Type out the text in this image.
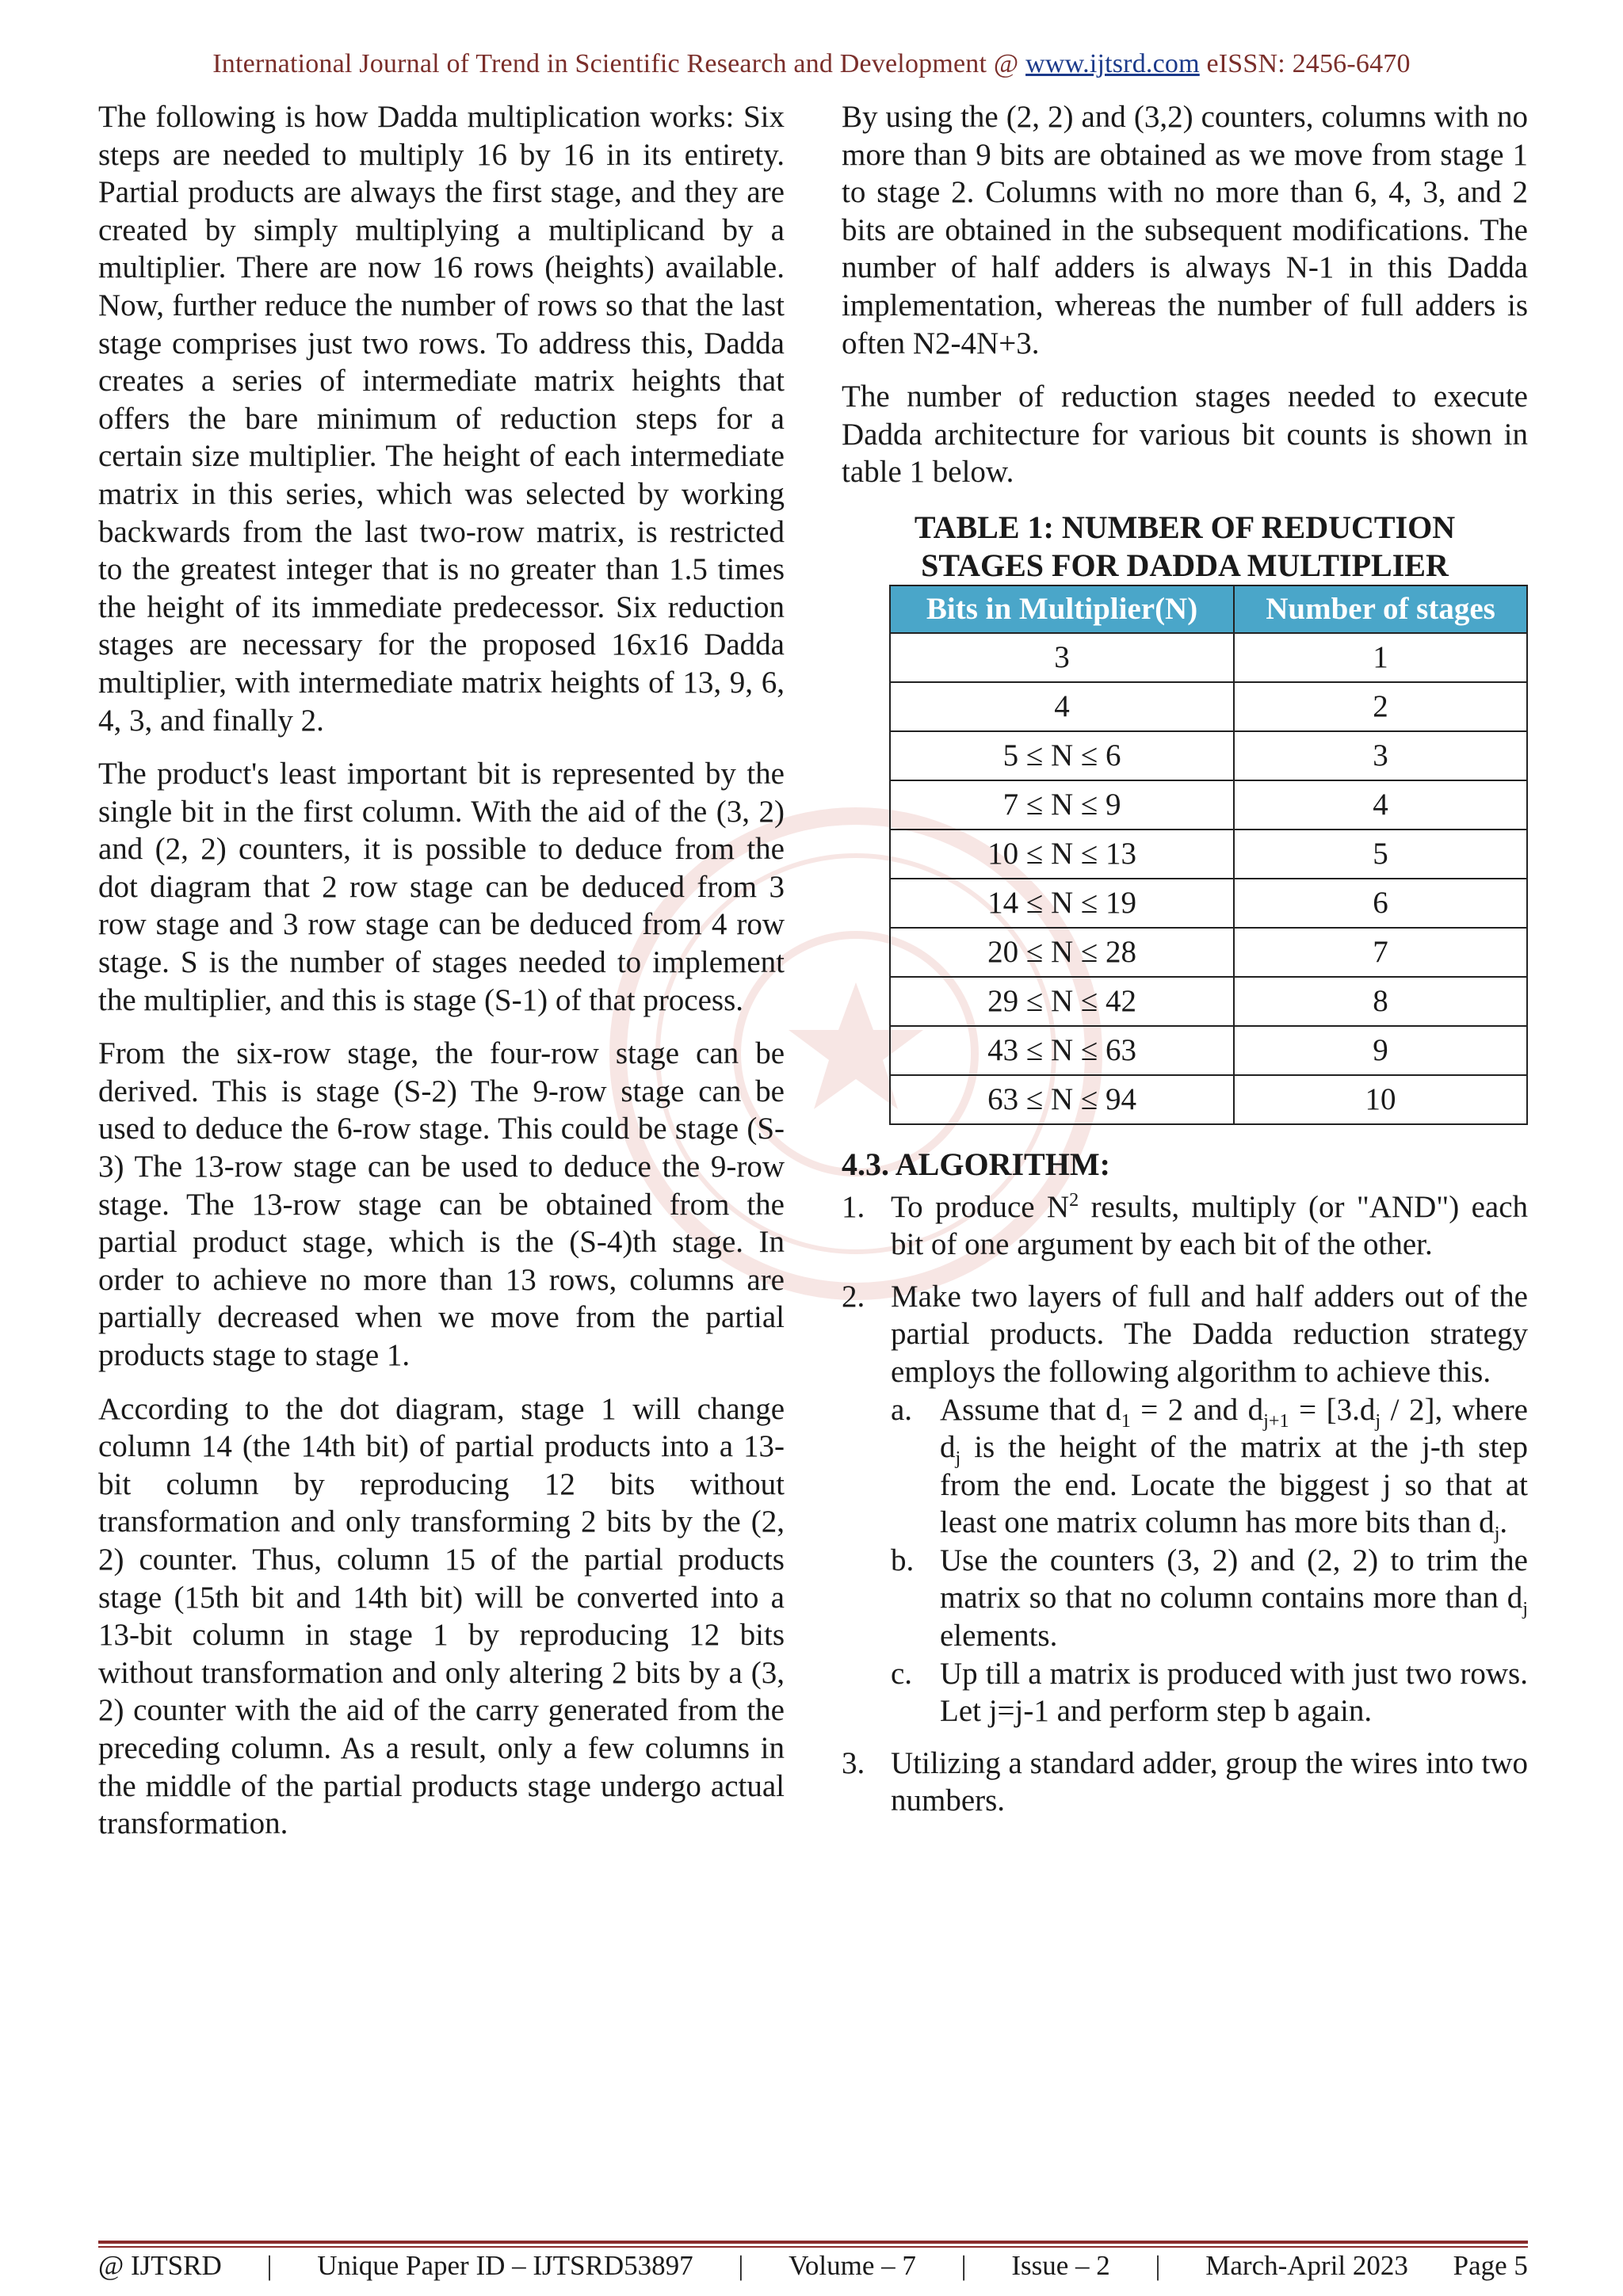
International Journal of Trend in Scientific Research and Development @ www.ijtsrd.com eISSN: 2456-6470

The following is how Dadda multiplication works: Six steps are needed to multiply 16 by 16 in its entirety. Partial products are always the first stage, and they are created by simply multiplying a multiplicand by a multiplier. There are now 16 rows (heights) available. Now, further reduce the number of rows so that the last stage comprises just two rows. To address this, Dadda creates a series of intermediate matrix heights that offers the bare minimum of reduction steps for a certain size multiplier. The height of each intermediate matrix in this series, which was selected by working backwards from the last two-row matrix, is restricted to the greatest integer that is no greater than 1.5 times the height of its immediate predecessor. Six reduction stages are necessary for the proposed 16x16 Dadda multiplier, with intermediate matrix heights of 13, 9, 6, 4, 3, and finally 2.

The product's least important bit is represented by the single bit in the first column. With the aid of the (3, 2) and (2, 2) counters, it is possible to deduce from the dot diagram that 2 row stage can be deduced from 3 row stage and 3 row stage can be deduced from 4 row stage. S is the number of stages needed to implement the multiplier, and this is stage (S-1) of that process.

From the six-row stage, the four-row stage can be derived. This is stage (S-2) The 9-row stage can be used to deduce the 6-row stage. This could be stage (S-3) The 13-row stage can be used to deduce the 9-row stage. The 13-row stage can be obtained from the partial product stage, which is the (S-4)th stage. In order to achieve no more than 13 rows, columns are partially decreased when we move from the partial products stage to stage 1.

According to the dot diagram, stage 1 will change column 14 (the 14th bit) of partial products into a 13-bit column by reproducing 12 bits without transformation and only transforming 2 bits by the (2, 2) counter. Thus, column 15 of the partial products stage (15th bit and 14th bit) will be converted into a 13-bit column in stage 1 by reproducing 12 bits without transformation and only altering 2 bits by a (3, 2) counter with the aid of the carry generated from the preceding column. As a result, only a few columns in the middle of the partial products stage undergo actual transformation.

By using the (2, 2) and (3,2) counters, columns with no more than 9 bits are obtained as we move from stage 1 to stage 2. Columns with no more than 6, 4, 3, and 2 bits are obtained in the subsequent modifications. The number of half adders is always N-1 in this Dadda implementation, whereas the number of full adders is often N2-4N+3.

The number of reduction stages needed to execute Dadda architecture for various bit counts is shown in table 1 below.

TABLE 1: NUMBER OF REDUCTION
STAGES FOR DADDA MULTIPLIER
Bits in Multiplier(N)	Number of stages
3	1
4	2
5 ≤ N ≤ 6	3
7 ≤ N ≤ 9	4
10 ≤ N ≤ 13	5
14 ≤ N ≤ 19	6
20 ≤ N ≤ 28	7
29 ≤ N ≤ 42	8
43 ≤ N ≤ 63	9
63 ≤ N ≤ 94	10
4.3. ALGORITHM:
1. To produce $N^2$ results, multiply (or "AND") each bit of one argument by each bit of the other.
2. Make two layers of full and half adders out of the partial products. The Dadda reduction strategy employs the following algorithm to achieve this.
a. Assume that $d_1 = 2$ and $d_{j+1} = [3.d_j / 2]$, where $d_j$ is the height of the matrix at the j-th step from the end. Locate the biggest j so that at least one matrix column has more bits than $d_j$.
b. Use the counters (3, 2) and (2, 2) to trim the matrix so that no column contains more than $d_j$ elements.
c. Up till a matrix is produced with just two rows. Let j=j-1 and perform step b again.
3. Utilizing a standard adder, group the wires into two numbers.
@ IJTSRD | Unique Paper ID – IJTSRD53897 | Volume – 7 | Issue – 2 | March-April 2023 Page 5
